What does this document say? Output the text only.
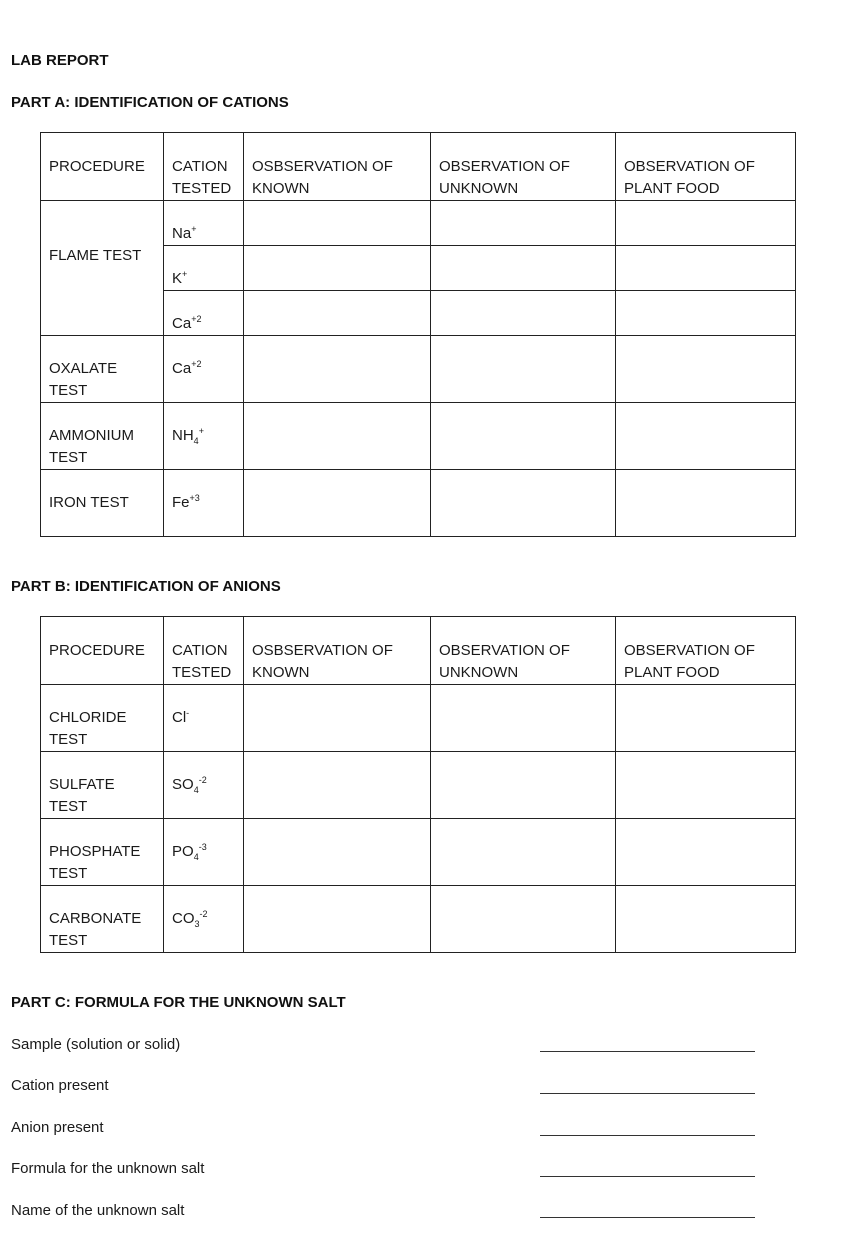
LAB REPORT
PART A: IDENTIFICATION OF CATIONS
PROCEDURE	CATION TESTED	OSBSERVATION OF KNOWN	OBSERVATION OF UNKNOWN	OBSERVATION OF PLANT FOOD
FLAME TEST	Na+			
	K+			
	$Ca^{+2}$			
OXALATE TEST	$Ca^{+2}$			
AMMONIUM TEST	$NH_4^+$			
IRON TEST	$Fe^{+3}$			
PART B: IDENTIFICATION OF ANIONS
PROCEDURE	CATION TESTED	OSBSERVATION OF KNOWN	OBSERVATION OF UNKNOWN	OBSERVATION OF PLANT FOOD
CHLORIDE TEST	Cl-			
SULFATE TEST	$SO_4^{-2}$			
PHOSPHATE TEST	$PO_4^{-3}$			
CARBONATE TEST	$CO_3^{-2}$			
PART C: FORMULA FOR THE UNKNOWN SALT
Sample (solution or solid)
Cation present
Anion present
Formula for the unknown salt
Name of the unknown salt
